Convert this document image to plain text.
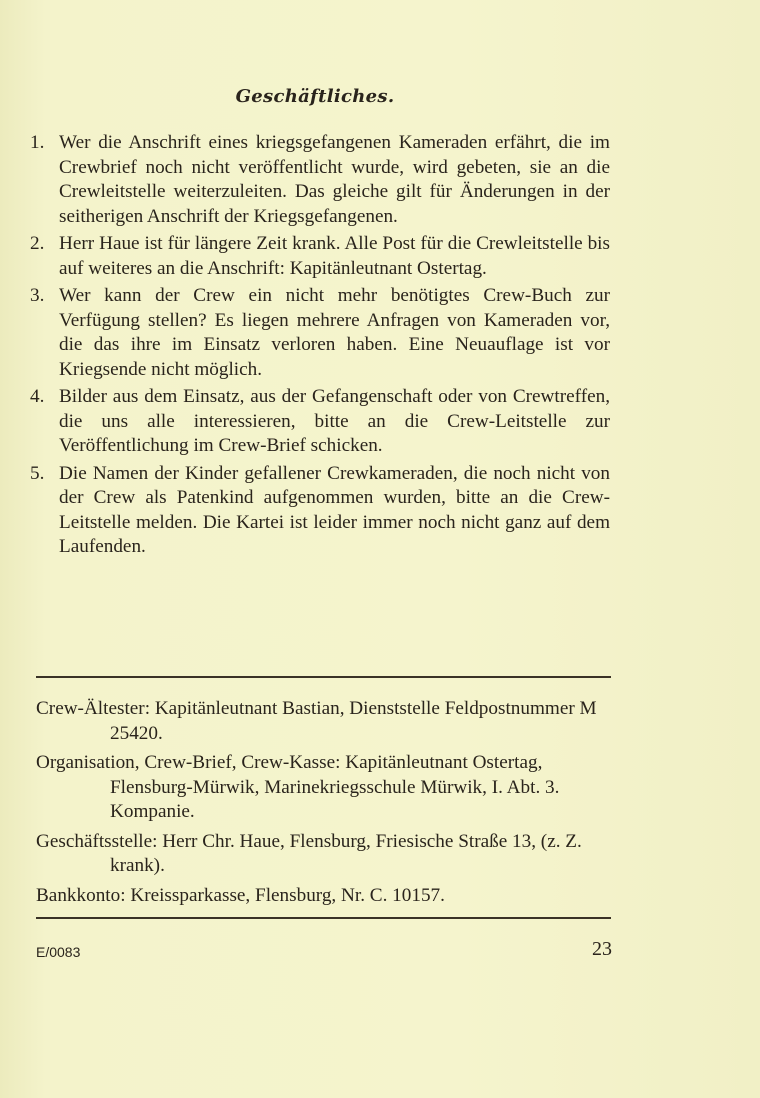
Geschäftliches.
1. Wer die Anschrift eines kriegsgefangenen Kameraden erfährt, die im Crewbrief noch nicht veröffentlicht wurde, wird gebeten, sie an die Crewleitstelle weiterzuleiten. Das gleiche gilt für Änderungen in der seitherigen Anschrift der Kriegsgefangenen.
2. Herr Haue ist für längere Zeit krank. Alle Post für die Crewleitstelle bis auf weiteres an die Anschrift: Kapitänleutnant Ostertag.
3. Wer kann der Crew ein nicht mehr benötigtes Crew-Buch zur Verfügung stellen? Es liegen mehrere Anfragen von Kameraden vor, die das ihre im Einsatz verloren haben. Eine Neuauflage ist vor Kriegsende nicht möglich.
4. Bilder aus dem Einsatz, aus der Gefangenschaft oder von Crewtreffen, die uns alle interessieren, bitte an die Crew-Leitstelle zur Veröffentlichung im Crew-Brief schicken.
5. Die Namen der Kinder gefallener Crewkameraden, die noch nicht von der Crew als Patenkind aufgenommen wurden, bitte an die Crew-Leitstelle melden. Die Kartei ist leider immer noch nicht ganz auf dem Laufenden.
Crew-Ältester: Kapitänleutnant Bastian, Dienststelle Feldpostnummer M 25420.
Organisation, Crew-Brief, Crew-Kasse: Kapitänleutnant Ostertag, Flensburg-Mürwik, Marinekriegsschule Mürwik, I. Abt. 3. Kompanie.
Geschäftsstelle: Herr Chr. Haue, Flensburg, Friesische Straße 13, (z. Z. krank).
Bankkonto: Kreissparkasse, Flensburg, Nr. C. 10157.
E/0083	23
